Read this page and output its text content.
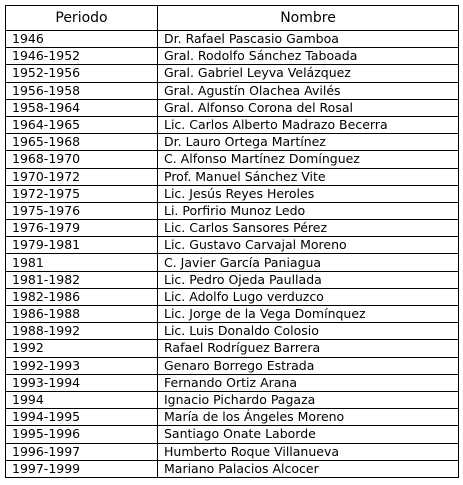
Periodo	Nombre
1946	Dr. Rafael Pascasio Gamboa
1946-1952	Gral. Rodolfo Sánchez Taboada
1952-1956	Gral. Gabriel Leyva Velázquez
1956-1958	Gral. Agustín Olachea Avilés
1958-1964	Gral. Alfonso Corona del Rosal
1964-1965	Lic. Carlos Alberto Madrazo Becerra
1965-1968	Dr. Lauro Ortega Martínez
1968-1970	C. Alfonso Martínez Domínguez
1970-1972	Prof. Manuel Sánchez Vite
1972-1975	Lic. Jesús Reyes Heroles
1975-1976	Li. Porfirio Munoz Ledo
1976-1979	Lic. Carlos Sansores Pérez
1979-1981	Lic. Gustavo Carvajal Moreno
1981	C. Javier García Paniagua
1981-1982	Lic. Pedro Ojeda Paullada
1982-1986	Lic. Adolfo Lugo verduzco
1986-1988	Lic. Jorge de la Vega Domínquez
1988-1992	Lic. Luis Donaldo Colosio
1992	Rafael Rodríguez Barrera
1992-1993	Genaro Borrego Estrada
1993-1994	Fernando Ortiz Arana
1994	Ignacio Pichardo Pagaza
1994-1995	María de los Ángeles Moreno
1995-1996	Santiago Onate Laborde
1996-1997	Humberto Roque Villanueva
1997-1999	Mariano Palacios Alcocer
